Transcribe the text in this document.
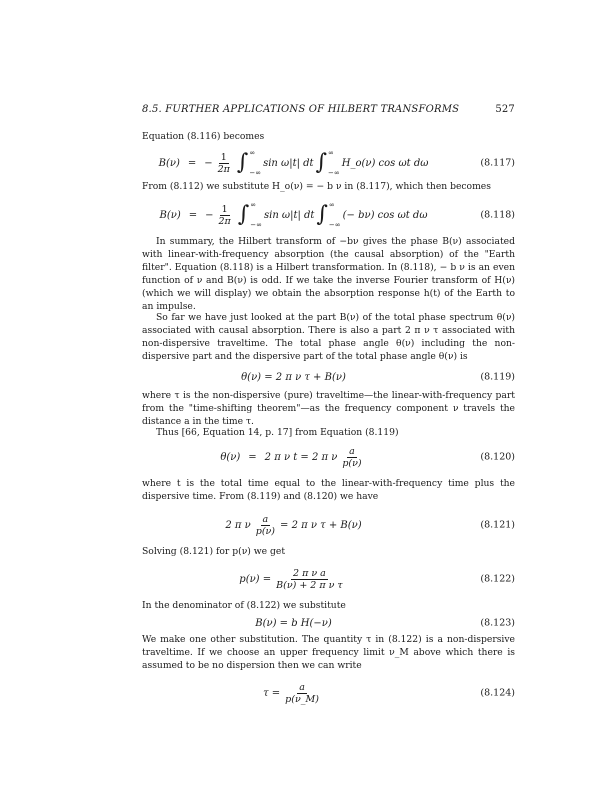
8.5. FURTHER APPLICATIONS OF HILBERT TRANSFORMS	527
Equation (8.116) becomes
B(ν) = − $\frac{1}{2\pi}$ ∫ ∞
−∞
sin ω|t| dt ∫ ∞
−∞
H_o(ν) cos ωt dω	(8.117)
From (8.112) we substitute H_o(ν) = − b ν in (8.117), which then becomes
B(ν) = − $\frac{1}{2\pi}$ ∫ ∞
−∞
sin ω|t| dt ∫ ∞
−∞
(− bν) cos ωt dω	(8.118)
In summary, the Hilbert transform of −bν gives the phase B(ν) associated with linear-with-frequency absorption (the causal absorption) of the "Earth filter". Equation (8.118) is a Hilbert transformation. In (8.118), − b ν is an even function of ν and B(ν) is odd. If we take the inverse Fourier transform of H(ν) (which we will display) we obtain the absorption response h(t) of the Earth to an impulse.
So far we have just looked at the part B(ν) of the total phase spectrum θ(ν) associated with causal absorption. There is also a part 2 π ν τ associated with non-dispersive traveltime. The total phase angle θ(ν) including the non-dispersive part and the dispersive part of the total phase angle θ(ν) is
θ(ν) = 2 π ν τ + B(ν)	(8.119)
where τ is the non-dispersive (pure) traveltime—the linear-with-frequency part from the "time-shifting theorem"—as the frequency component ν travels the distance a in the time τ.
Thus [66, Equation 14, p. 17] from Equation (8.119)
θ(ν) = 2 π ν t = 2 π ν $\frac{a}{p(\nu)}$	(8.120)
where t is the total time equal to the linear-with-frequency time plus the dispersive time. From (8.119) and (8.120) we have
2 π ν $\frac{a}{p(\nu)} = 2$ π ν τ + B(ν)	(8.121)
Solving (8.121) for p(ν) we get
$p(\nu) = \frac{\text{2 π ν a}}{\text{B(ν) + 2 π ν τ}}$	(8.122)
In the denominator of (8.122) we substitute
B(ν) = b H(−ν)	(8.123)
We make one other substitution. The quantity τ in (8.122) is a non-dispersive traveltime. If we choose an upper frequency limit ν_M above which there is assumed to be no dispersion then we can write
$\tau = \frac{a}{p(\nu\_M)}$	(8.124)
